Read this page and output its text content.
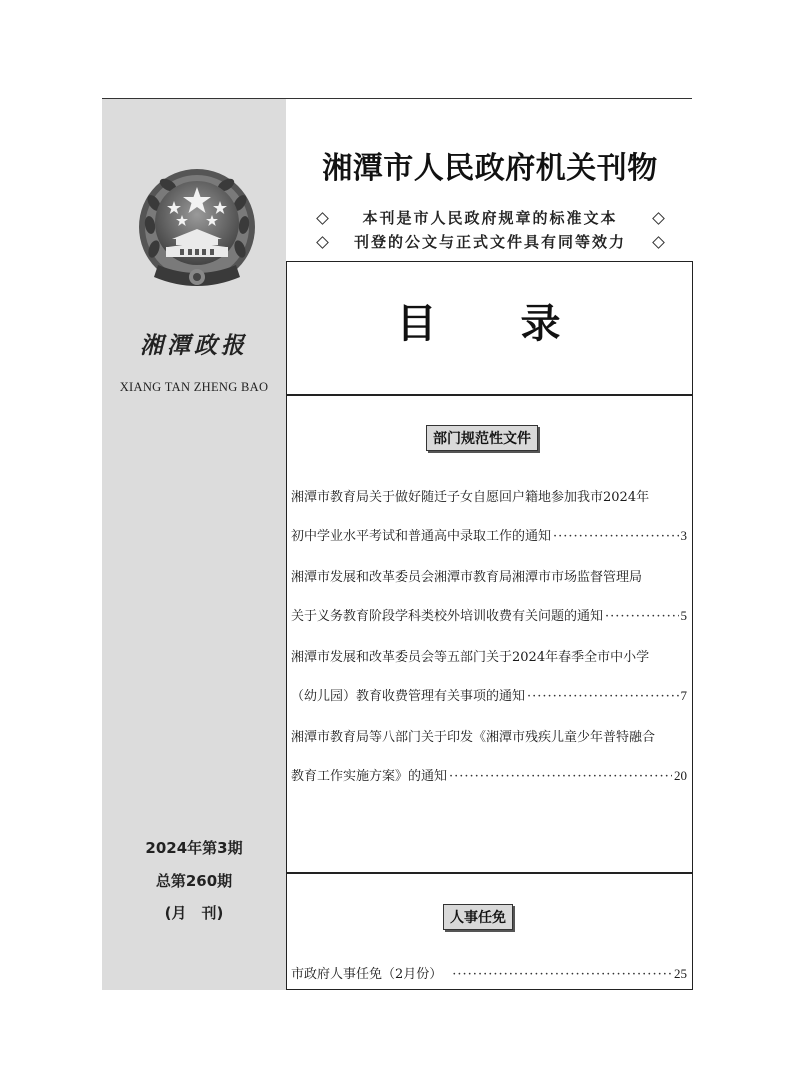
湘潭政报
XIANG TAN ZHENG BAO
2024年第3期
总第260期
(月　刊)
湘潭市人民政府机关刊物
本刊是市人民政府规章的标准文本
刊登的公文与正式文件具有同等效力
目　录
部门规范性文件
湘潭市教育局关于做好随迁子女自愿回户籍地参加我市2024年
初中学业水平考试和普通高中录取工作的通知 ·····	3
湘潭市发展和改革委员会湘潭市教育局湘潭市市场监督管理局
关于义务教育阶段学科类校外培训收费有关问题的通知 ·····	5
湘潭市发展和改革委员会等五部门关于2024年春季全市中小学
（幼儿园）教育收费管理有关事项的通知 ·····	7
湘潭市教育局等八部门关于印发《湘潭市残疾儿童少年普特融合
教育工作实施方案》的通知 ·····	20
人事任免
市政府人事任免（2月份） ·····	25
